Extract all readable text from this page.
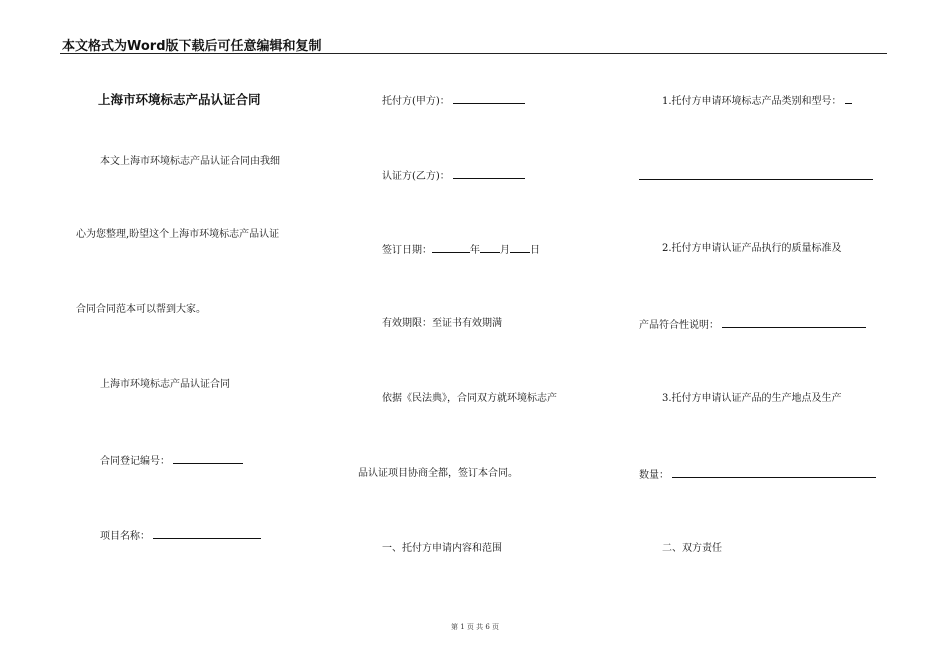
本文格式为Word版下载后可任意编辑和复制
上海市环境标志产品认证合同
本文上海市环境标志产品认证合同由我细
心为您整理,盼望这个上海市环境标志产品认证
合同合同范本可以帮到大家。
上海市环境标志产品认证合同
合同登记编号：
项目名称：
托付方(甲方)：
认证方(乙方)：
签订日期：	年 月 日
有效期限：至证书有效期满
依据《民法典》，合同双方就环境标志产
品认证项目协商全都，签订本合同。
一、托付方申请内容和范围
1.托付方申请环境标志产品类别和型号：
2.托付方申请认证产品执行的质量标准及
产品符合性说明：
3.托付方申请认证产品的生产地点及生产
数量：
二、双方责任
第 1 页 共 6 页
